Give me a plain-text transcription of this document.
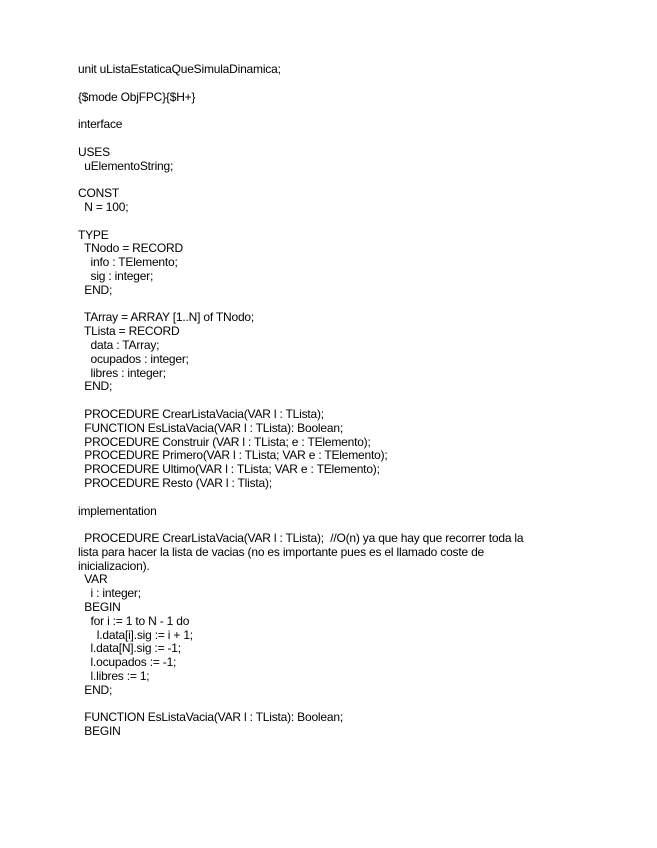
unit uListaEstaticaQueSimulaDinamica;
{$mode ObjFPC}{$H+}
interface
USES
uElementoString;
CONST
N = 100;
TYPE
TNodo = RECORD
info : TElemento;
sig : integer;
END;
TArray = ARRAY [1..N] of TNodo;
TLista = RECORD
data : TArray;
ocupados : integer;
libres : integer;
END;
PROCEDURE CrearListaVacia(VAR l : TLista);
FUNCTION EsListaVacia(VAR l : TLista): Boolean;
PROCEDURE Construir (VAR l : TLista; e : TElemento);
PROCEDURE Primero(VAR l : TLista; VAR e : TElemento);
PROCEDURE Ultimo(VAR l : TLista; VAR e : TElemento);
PROCEDURE Resto (VAR l : Tlista);
implementation
PROCEDURE CrearListaVacia(VAR l : TLista);  //O(n) ya que hay que recorrer toda la
lista para hacer la lista de vacias (no es importante pues es el llamado coste de
inicializacion).
VAR
i : integer;
BEGIN
for i := 1 to N - 1 do
l.data[i].sig := i + 1;
l.data[N].sig := -1;
l.ocupados := -1;
l.libres := 1;
END;
FUNCTION EsListaVacia(VAR l : TLista): Boolean;
BEGIN
